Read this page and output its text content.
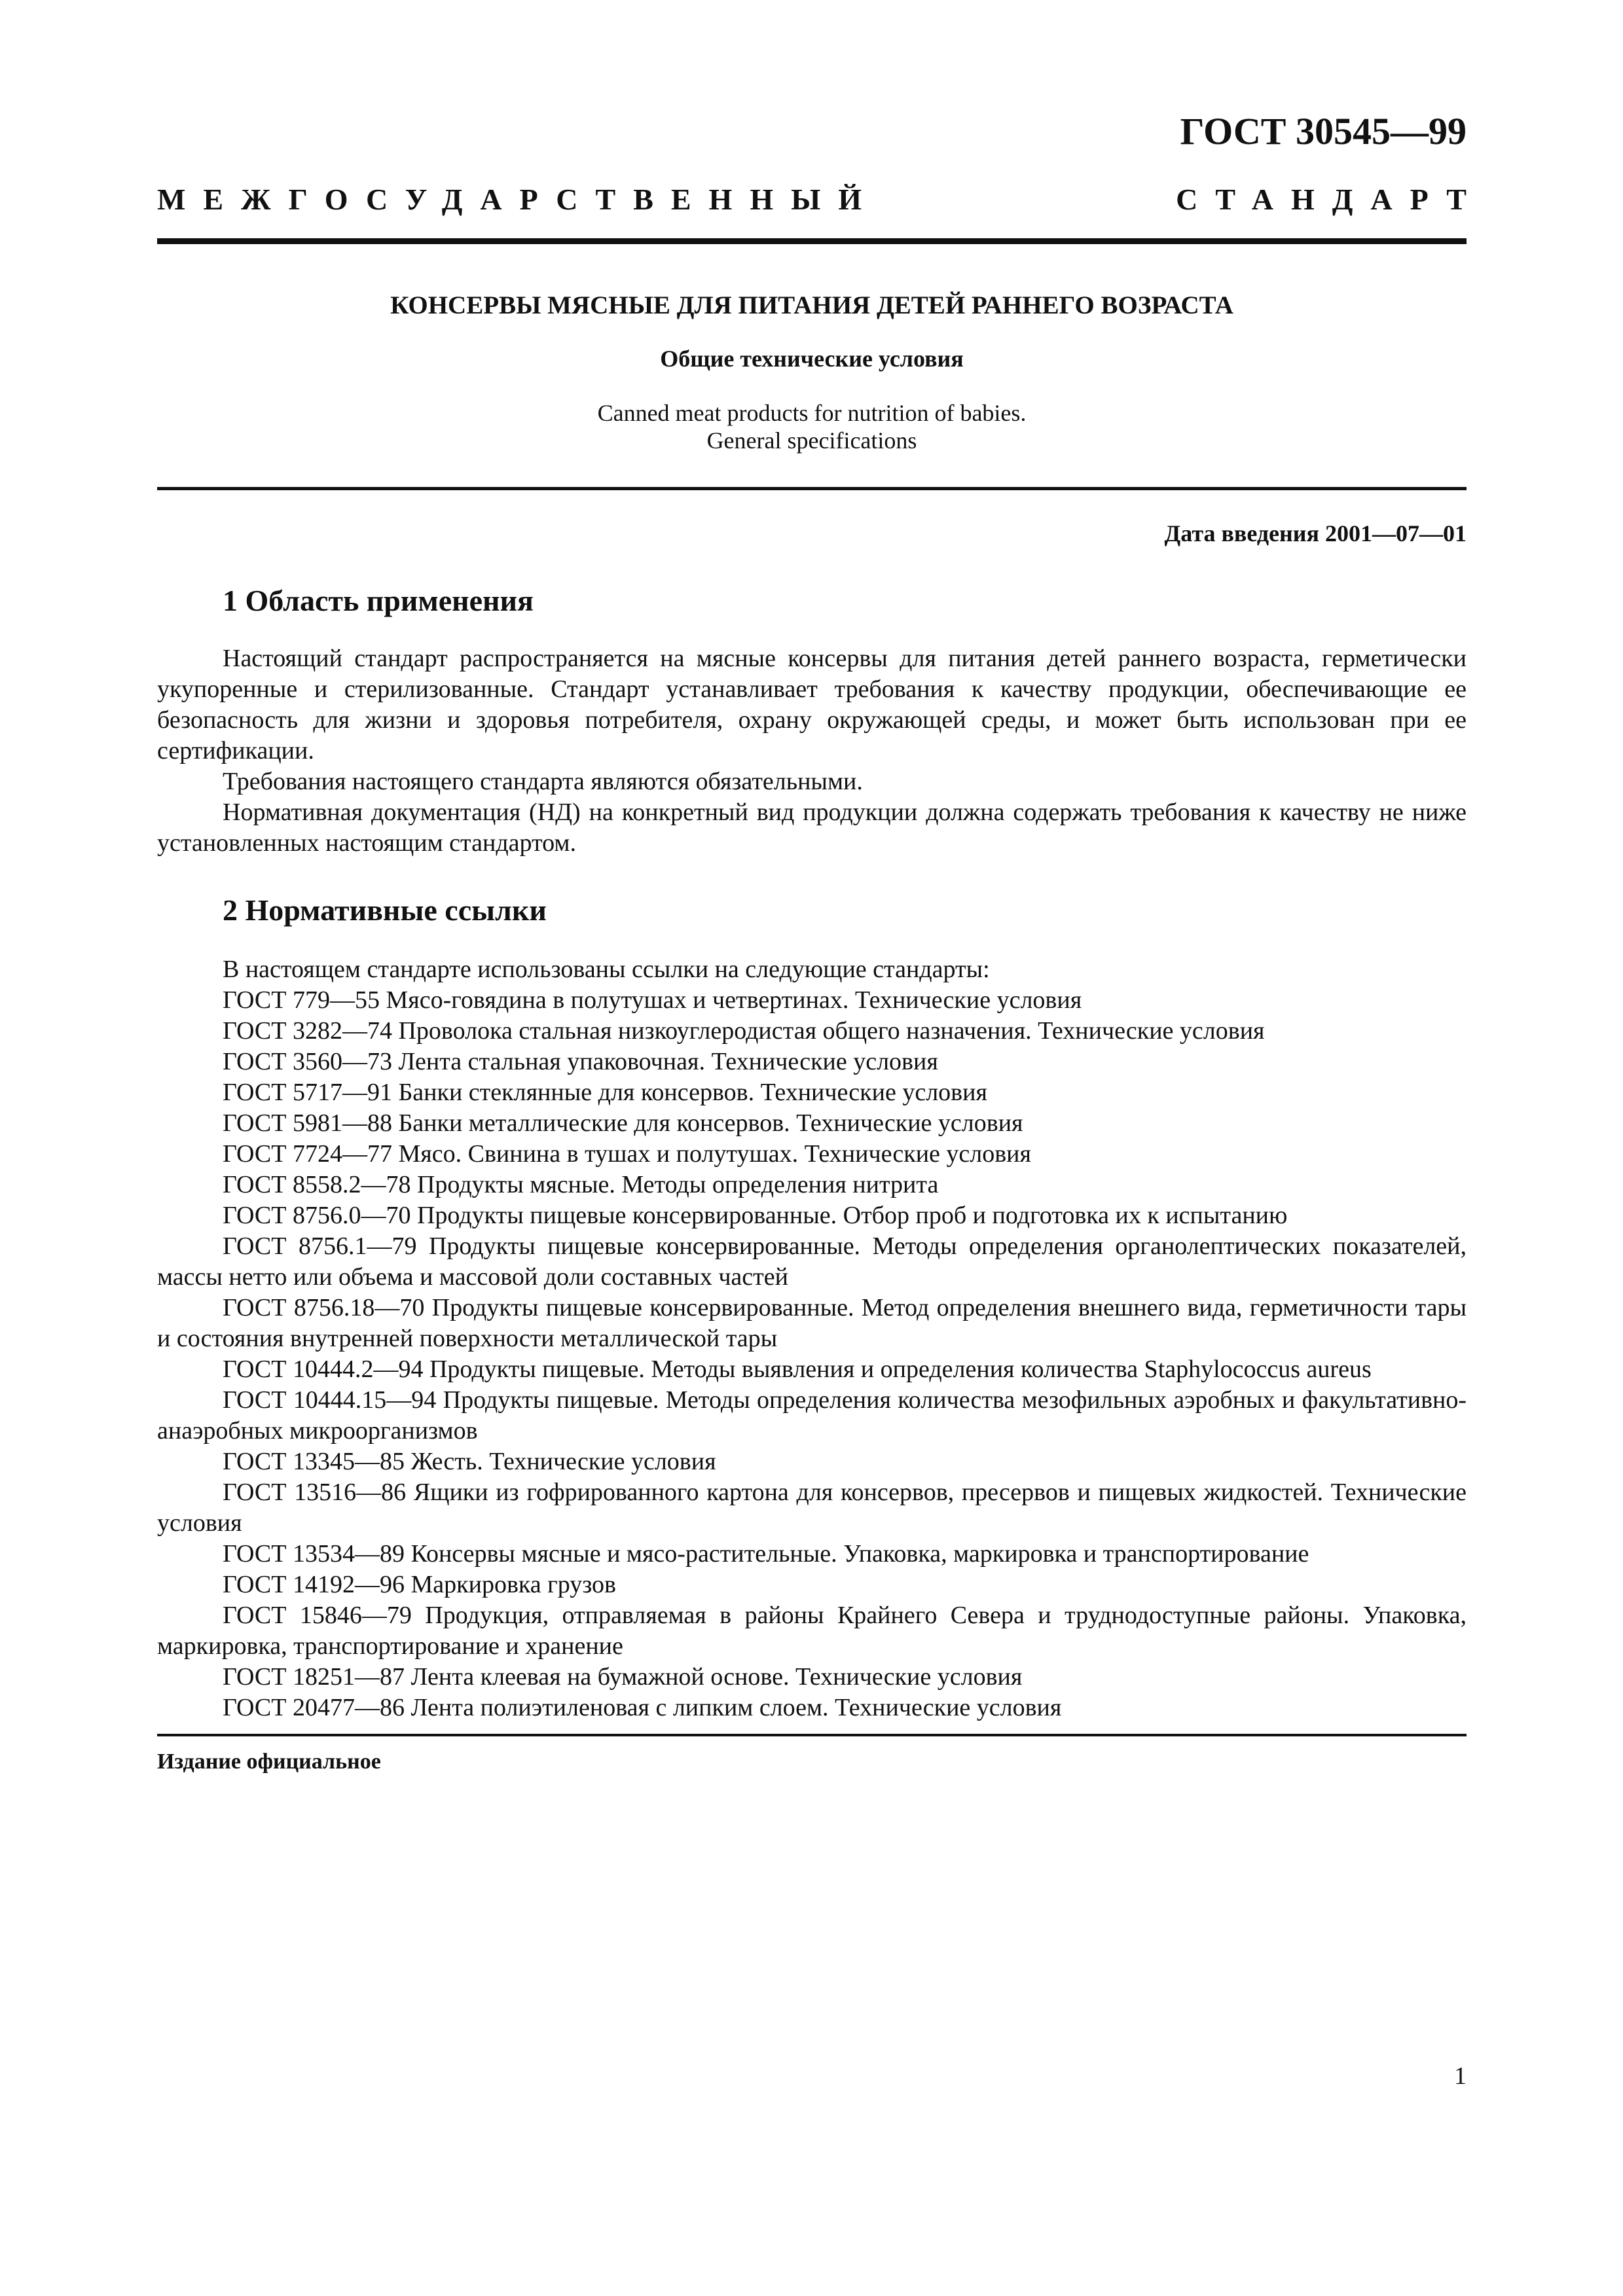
ГОСТ 30545—99
МЕЖГОСУДАРСТВЕННЫЙ	СТАНДАРТ
КОНСЕРВЫ МЯСНЫЕ ДЛЯ ПИТАНИЯ ДЕТЕЙ РАННЕГО ВОЗРАСТА
Общие технические условия
Canned meat products for nutrition of babies.
General specifications
Дата введения 2001—07—01
1 Область применения

Настоящий стандарт распространяется на мясные консервы для питания детей раннего возраста, герметически укупоренные и стерилизованные. Стандарт устанавливает требования к качеству продукции, обеспечивающие ее безопасность для жизни и здоровья потребителя, охрану окружающей среды, и может быть использован при ее сертификации.

Требования настоящего стандарта являются обязательными.

Нормативная документация (НД) на конкретный вид продукции должна содержать требования к качеству не ниже установленных настоящим стандартом.

2 Нормативные ссылки

В настоящем стандарте использованы ссылки на следующие стандарты:

ГОСТ 779—55 Мясо-говядина в полутушах и четвертинах. Технические условия

ГОСТ 3282—74 Проволока стальная низкоуглеродистая общего назначения. Технические условия

ГОСТ 3560—73 Лента стальная упаковочная. Технические условия

ГОСТ 5717—91 Банки стеклянные для консервов. Технические условия

ГОСТ 5981—88 Банки металлические для консервов. Технические условия

ГОСТ 7724—77 Мясо. Свинина в тушах и полутушах. Технические условия

ГОСТ 8558.2—78 Продукты мясные. Методы определения нитрита

ГОСТ 8756.0—70 Продукты пищевые консервированные. Отбор проб и подготовка их к испытанию

ГОСТ 8756.1—79 Продукты пищевые консервированные. Методы определения органолептических показателей, массы нетто или объема и массовой доли составных частей

ГОСТ 8756.18—70 Продукты пищевые консервированные. Метод определения внешнего вида, герметичности тары и состояния внутренней поверхности металлической тары

ГОСТ 10444.2—94 Продукты пищевые. Методы выявления и определения количества Staphylococcus aureus

ГОСТ 10444.15—94 Продукты пищевые. Методы определения количества мезофильных аэробных и факультативно-анаэробных микроорганизмов

ГОСТ 13345—85 Жесть. Технические условия

ГОСТ 13516—86 Ящики из гофрированного картона для консервов, пресервов и пищевых жидкостей. Технические условия

ГОСТ 13534—89 Консервы мясные и мясо-растительные. Упаковка, маркировка и транспортирование

ГОСТ 14192—96 Маркировка грузов

ГОСТ 15846—79 Продукция, отправляемая в районы Крайнего Севера и труднодоступные районы. Упаковка, маркировка, транспортирование и хранение

ГОСТ 18251—87 Лента клеевая на бумажной основе. Технические условия

ГОСТ 20477—86 Лента полиэтиленовая с липким слоем. Технические условия

Издание официальное
1
